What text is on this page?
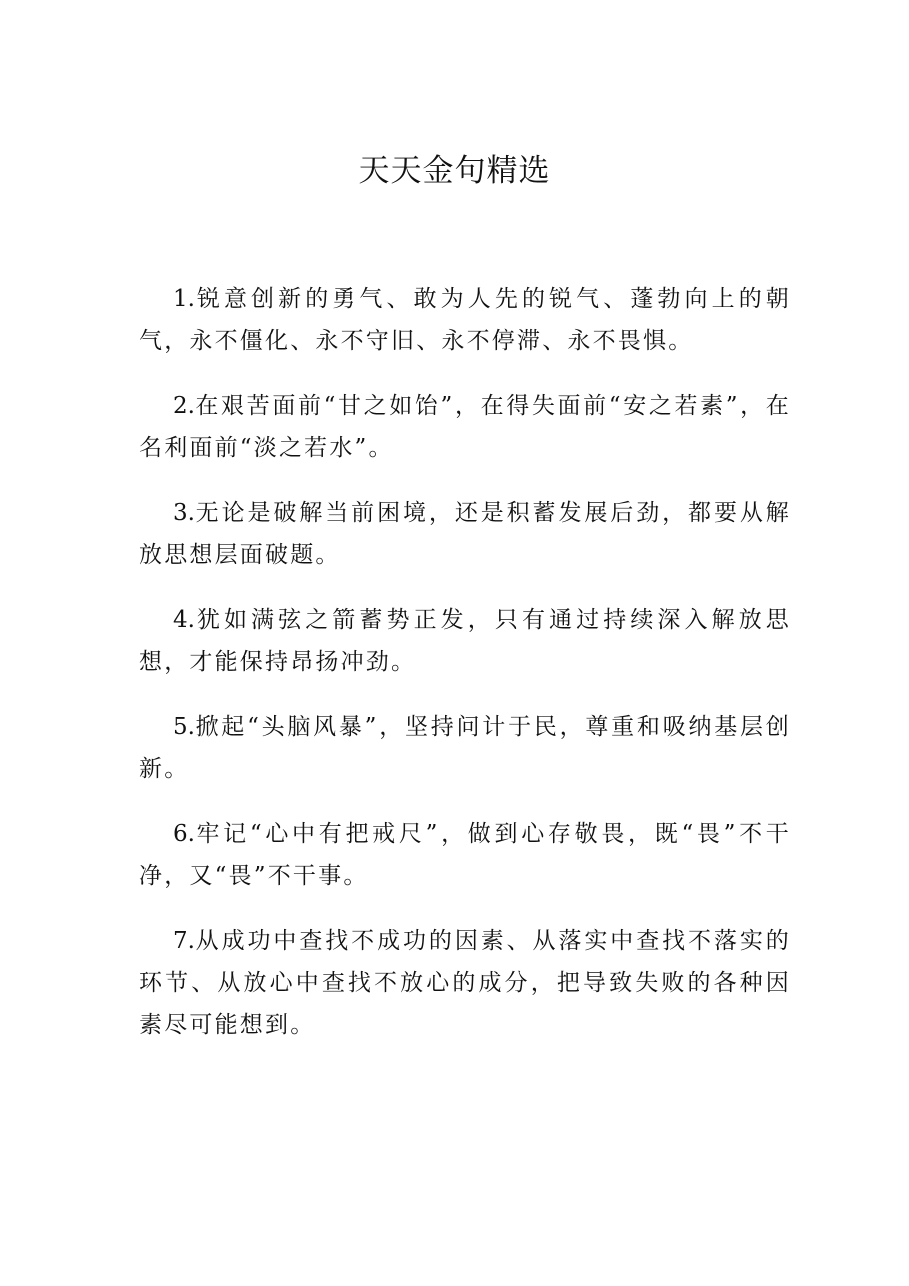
天天金句精选
1.锐意创新的勇气、敢为人先的锐气、蓬勃向上的朝气，永不僵化、永不守旧、永不停滞、永不畏惧。
2.在艰苦面前“甘之如饴”，在得失面前“安之若素”，在名利面前“淡之若水”。
3.无论是破解当前困境，还是积蓄发展后劲，都要从解放思想层面破题。
4.犹如满弦之箭蓄势正发，只有通过持续深入解放思想，才能保持昂扬冲劲。
5.掀起“头脑风暴”，坚持问计于民，尊重和吸纳基层创新。
6.牢记“心中有把戒尺”，做到心存敬畏，既“畏”不干净，又“畏”不干事。
7.从成功中查找不成功的因素、从落实中查找不落实的环节、从放心中查找不放心的成分，把导致失败的各种因素尽可能想到。
